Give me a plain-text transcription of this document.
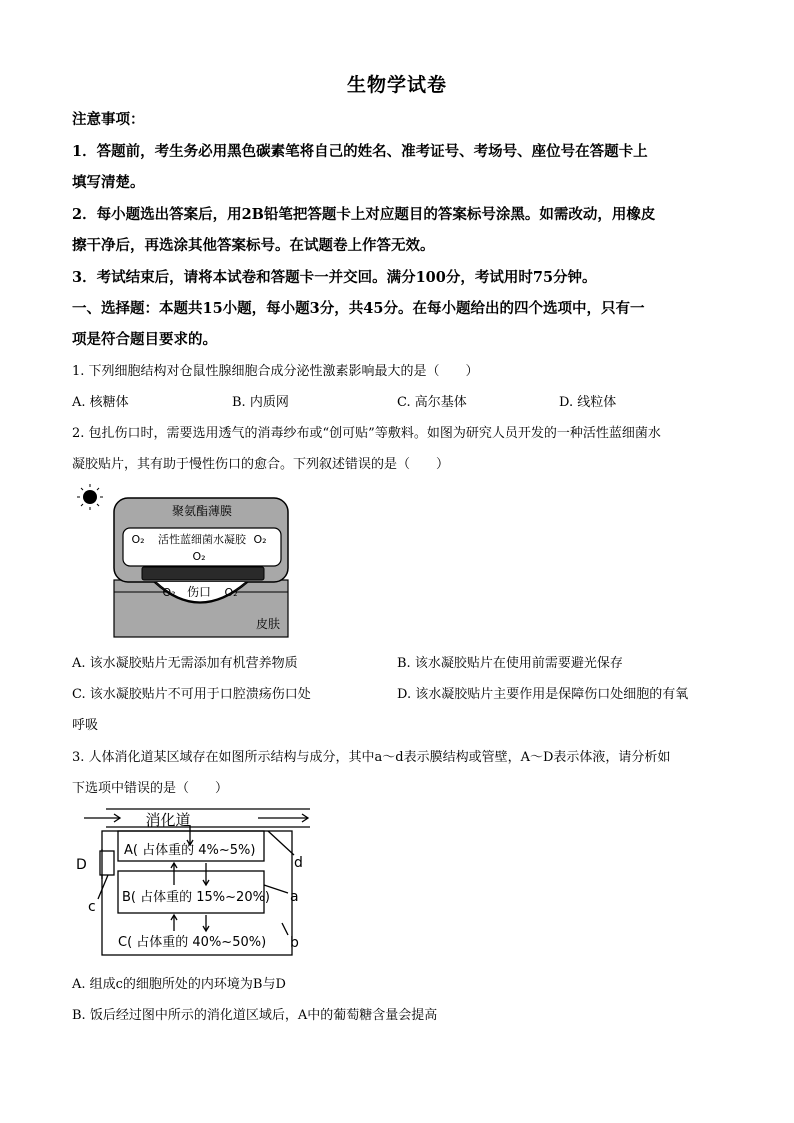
生物学试卷
注意事项：
1．答题前，考生务必用黑色碳素笔将自己的姓名、准考证号、考场号、座位号在答题卡上
填写清楚。
2．每小题选出答案后，用2B铅笔把答题卡上对应题目的答案标号涂黑。如需改动，用橡皮
擦干净后，再选涂其他答案标号。在试题卷上作答无效。
3．考试结束后，请将本试卷和答题卡一并交回。满分100分，考试用时75分钟。
一、选择题：本题共15小题，每小题3分，共45分。在每小题给出的四个选项中，只有一
项是符合题目要求的。
1. 下列细胞结构对仓鼠性腺细胞合成分泌性激素影响最大的是（　　）
A. 核糖体	B. 内质网	C. 高尔基体	D. 线粒体
2. 包扎伤口时，需要选用透气的消毒纱布或“创可贴”等敷料。如图为研究人员开发的一种活性蓝细菌水
凝胶贴片，其有助于慢性伤口的愈合。下列叙述错误的是（　　）
聚氨酯薄膜
O₂ 活性蓝细菌水凝胶 O₂
O₂
O₂ 伤口 O₂
皮肤
A. 该水凝胶贴片无需添加有机营养物质	B. 该水凝胶贴片在使用前需要避光保存
C. 该水凝胶贴片不可用于口腔溃疡伤口处	D. 该水凝胶贴片主要作用是保障伤口处细胞的有氧
呼吸
3. 人体消化道某区域存在如图所示结构与成分，其中a～d表示膜结构或管壁，A～D表示体液，请分析如
下选项中错误的是（　　）
消化道
A( 占体重的 4%~5%)
B( 占体重的 15%~20%)
C( 占体重的 40%~50%)
D	d
a
b
c
A. 组成c的细胞所处的内环境为B与D
B. 饭后经过图中所示的消化道区域后，A中的葡萄糖含量会提高
